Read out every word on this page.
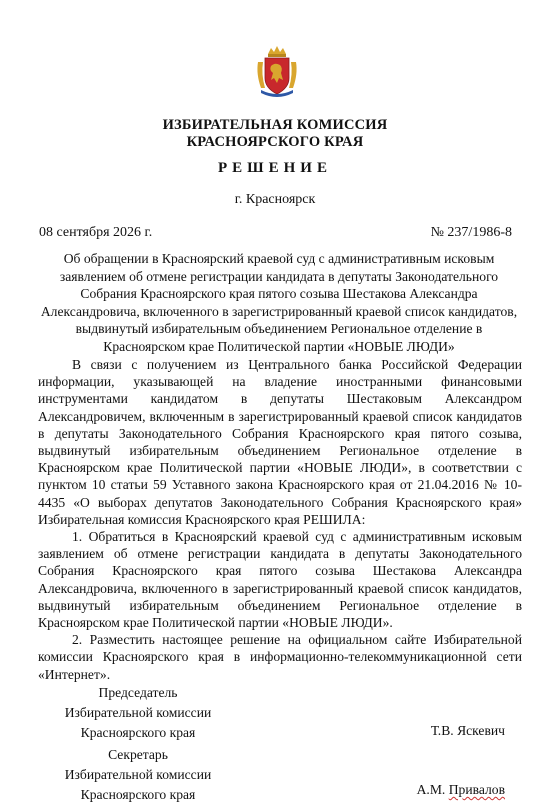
ИЗБИРАТЕЛЬНАЯ КОМИССИЯ
КРАСНОЯРСКОГО КРАЯ
РЕШЕНИЕ
г. Красноярск
08 сентября 2026 г.	№ 237/1986-8
Об обращении в Красноярский краевой суд с административным исковым заявлением об отмене регистрации кандидата в депутаты Законодательного Собрания Красноярского края пятого созыва Шестакова Александра Александровича, включенного в зарегистрированный краевой список кандидатов, выдвинутый избирательным объединением Региональное отделение в Красноярском крае Политической партии «НОВЫЕ ЛЮДИ»

В связи с получением из Центрального банка Российской Федерации информации, указывающей на владение иностранными финансовыми инструментами кандидатом в депутаты Шестаковым Александром Александровичем, включенным в зарегистрированный краевой список кандидатов в депутаты Законодательного Собрания Красноярского края пятого созыва, выдвинутый избирательным объединением Региональное отделение в Красноярском крае Политической партии «НОВЫЕ ЛЮДИ», в соответствии с пунктом 10 статьи 59 Уставного закона Красноярского края от 21.04.2016 № 10-4435 «О выборах депутатов Законодательного Собрания Красноярского края» Избирательная комиссия Красноярского края РЕШИЛА:

1. Обратиться в Красноярский краевой суд с административным исковым заявлением об отмене регистрации кандидата в депутаты Законодательного Собрания Красноярского края пятого созыва Шестакова Александра Александровича, включенного в зарегистрированный краевой список кандидатов, выдвинутый избирательным объединением Региональное отделение в Красноярском крае Политической партии «НОВЫЕ ЛЮДИ».

2. Разместить настоящее решение на официальном сайте Избирательной комиссии Красноярского края в информационно-телекоммуникационной сети «Интернет».

Председатель
Избирательной комиссии
Красноярского края	Т.В. Яскевич
Секретарь
Избирательной комиссии
Красноярского края	А.М. Привалов
